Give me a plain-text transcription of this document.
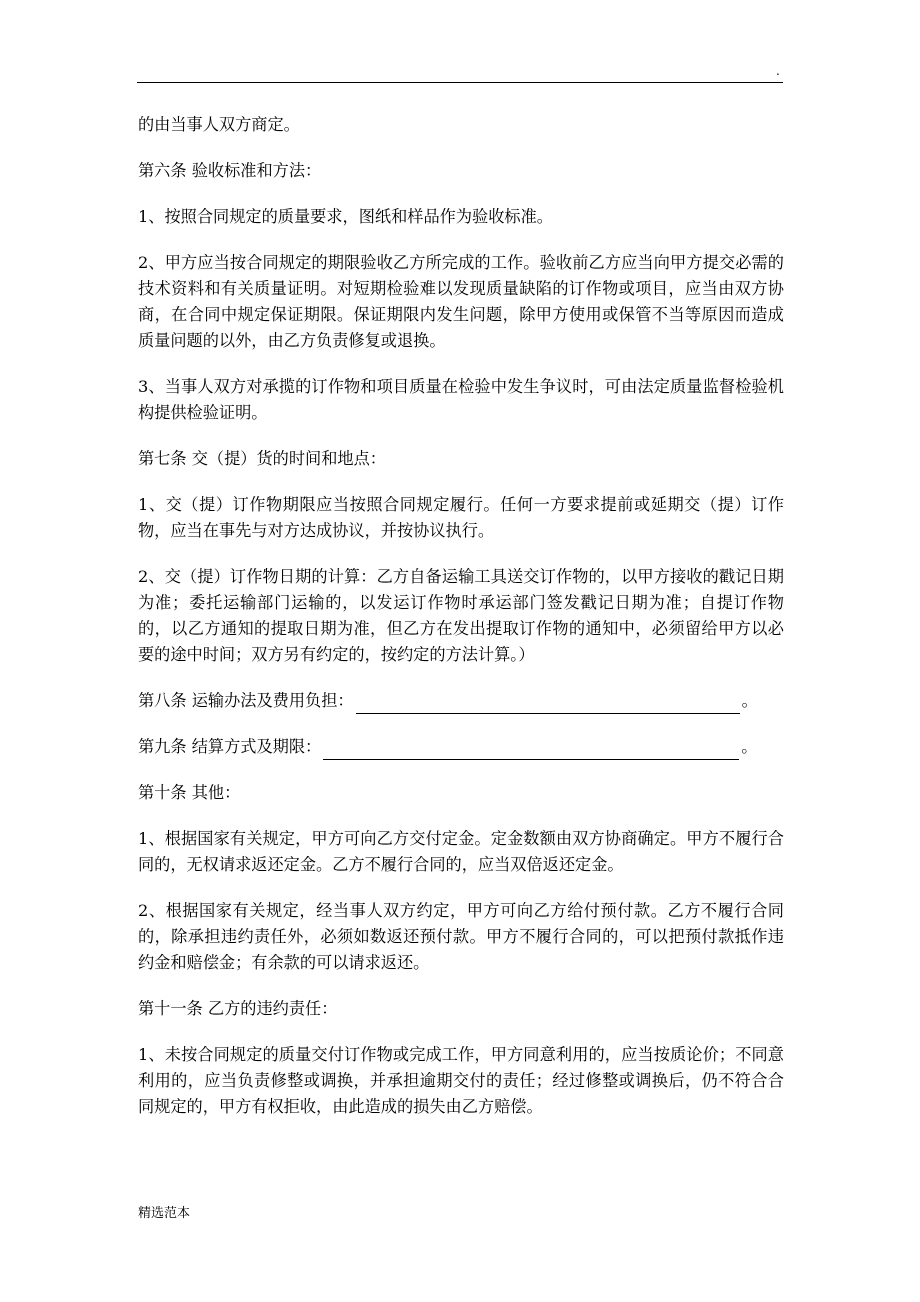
.

的由当事人双方商定。

第六条 验收标准和方法：

1、按照合同规定的质量要求，图纸和样品作为验收标准。

2、甲方应当按合同规定的期限验收乙方所完成的工作。验收前乙方应当向甲方提交必需的技术资料和有关质量证明。对短期检验难以发现质量缺陷的订作物或项目，应当由双方协商，在合同中规定保证期限。保证期限内发生问题，除甲方使用或保管不当等原因而造成质量问题的以外，由乙方负责修复或退换。

3、当事人双方对承揽的订作物和项目质量在检验中发生争议时，可由法定质量监督检验机构提供检验证明。

第七条 交（提）货的时间和地点：

1、交（提）订作物期限应当按照合同规定履行。任何一方要求提前或延期交（提）订作物，应当在事先与对方达成协议，并按协议执行。

2、交（提）订作物日期的计算：乙方自备运输工具送交订作物的，以甲方接收的戳记日期为准；委托运输部门运输的，以发运订作物时承运部门签发戳记日期为准；自提订作物的，以乙方通知的提取日期为准，但乙方在发出提取订作物的通知中，必须留给甲方以必要的途中时间；双方另有约定的，按约定的方法计算。）

第八条 运输办法及费用负担：	。

第九条 结算方式及期限：	。

第十条 其他：

1、根据国家有关规定，甲方可向乙方交付定金。定金数额由双方协商确定。甲方不履行合同的，无权请求返还定金。乙方不履行合同的，应当双倍返还定金。

2、根据国家有关规定，经当事人双方约定，甲方可向乙方给付预付款。乙方不履行合同的，除承担违约责任外，必须如数返还预付款。甲方不履行合同的，可以把预付款抵作违约金和赔偿金；有余款的可以请求返还。

第十一条 乙方的违约责任：

1、未按合同规定的质量交付订作物或完成工作，甲方同意利用的，应当按质论价；不同意利用的，应当负责修整或调换，并承担逾期交付的责任；经过修整或调换后，仍不符合合同规定的，甲方有权拒收，由此造成的损失由乙方赔偿。

精选范本
